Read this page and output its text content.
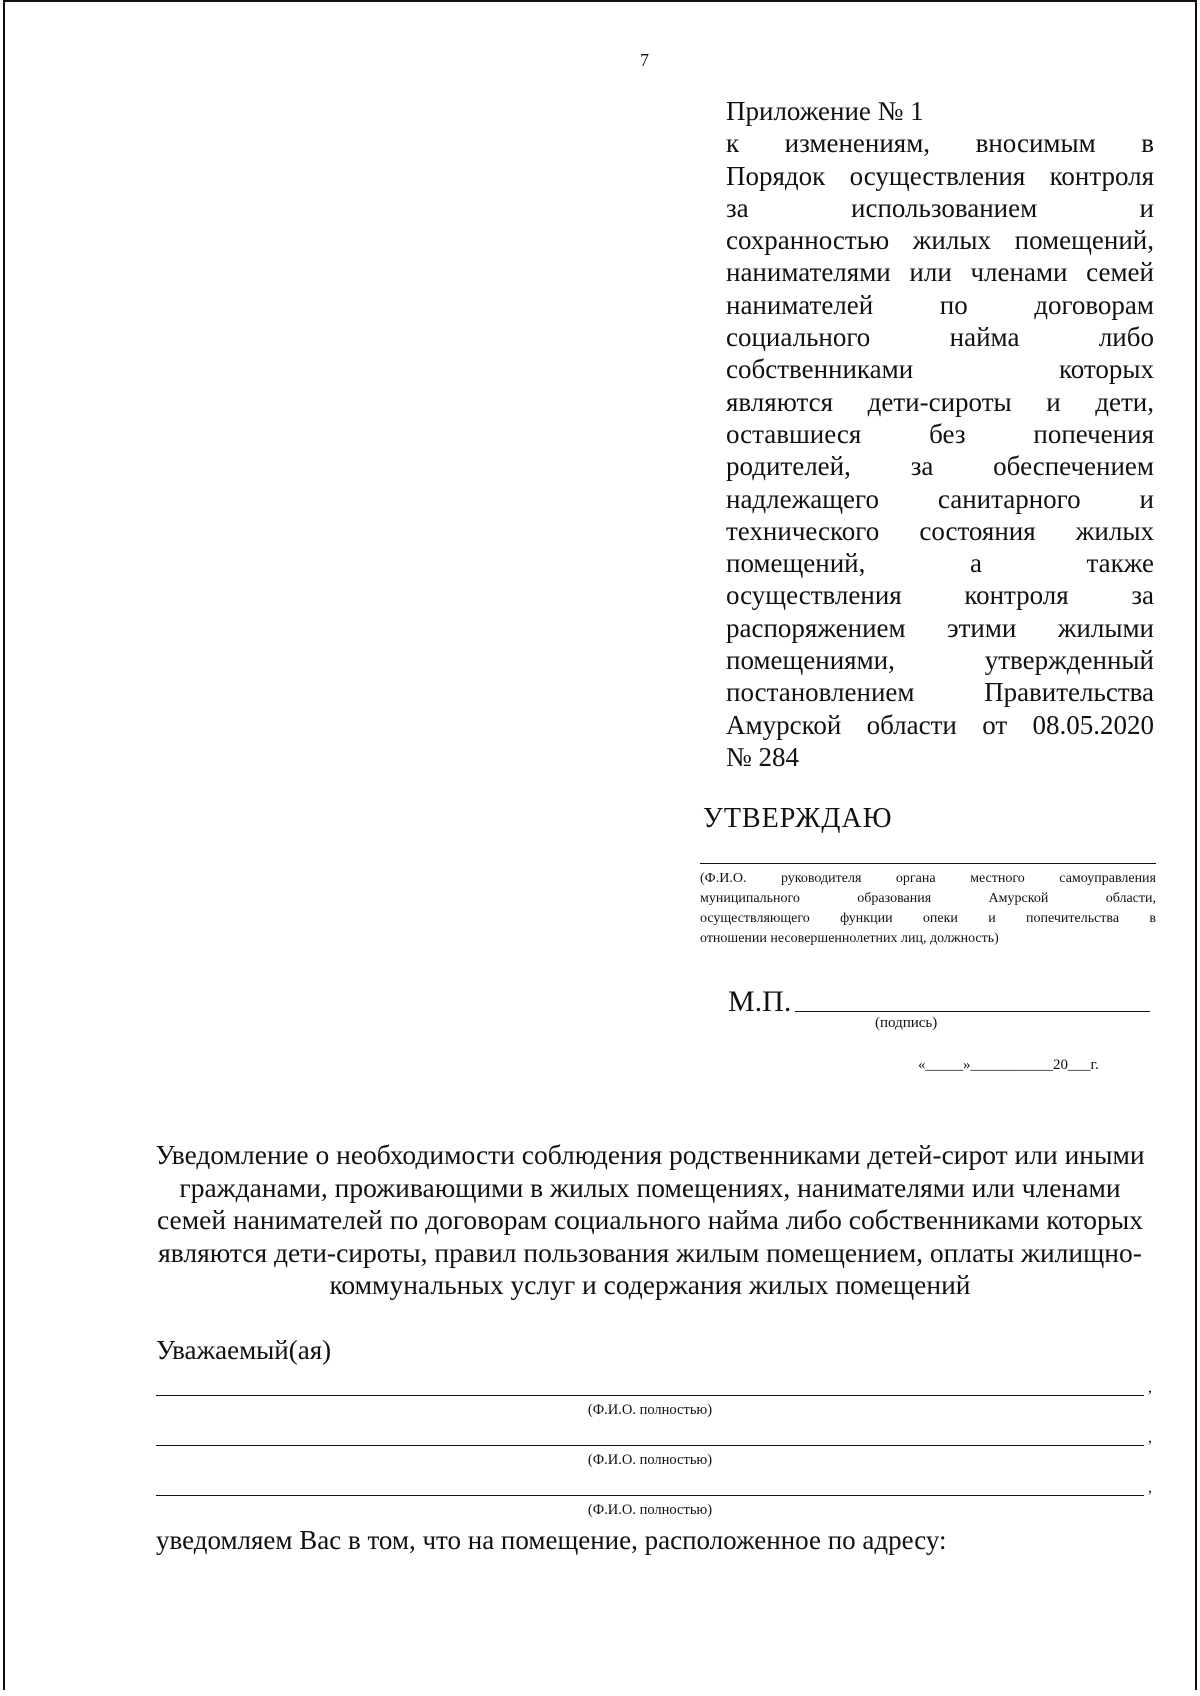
7
Приложение № 1
к изменениям, вносимым в
Порядок осуществления контроля
за использованием и
сохранностью жилых помещений,
нанимателями или членами семей
нанимателей по договорам
социального найма либо
собственниками которых
являются дети-сироты и дети,
оставшиеся без попечения
родителей, за обеспечением
надлежащего санитарного и
технического состояния жилых
помещений, а также
осуществления контроля за
распоряжением этими жилыми
помещениями, утвержденный
постановлением Правительства
Амурской области от 08.05.2020
№ 284
УТВЕРЖДАЮ
(Ф.И.О. руководителя органа местного самоуправления
муниципального образования Амурской области,
осуществляющего функции опеки и попечительства в
отношении несовершеннолетних лиц, должность)
М.П.
(подпись)
«_____»___________20___г.
Уведомление о необходимости соблюдения родственниками детей-сирот или иными гражданами, проживающими в жилых помещениях, нанимателями или членами семей нанимателей по договорам социального найма либо собственниками которых являются дети-сироты, правил пользования жилым помещением, оплаты жилищно-коммунальных услуг и содержания жилых помещений
Уважаемый(ая)
,
(Ф.И.О. полностью)
,
(Ф.И.О. полностью)
,
(Ф.И.О. полностью)
уведомляем Вас в том, что на помещение, расположенное по адресу:
